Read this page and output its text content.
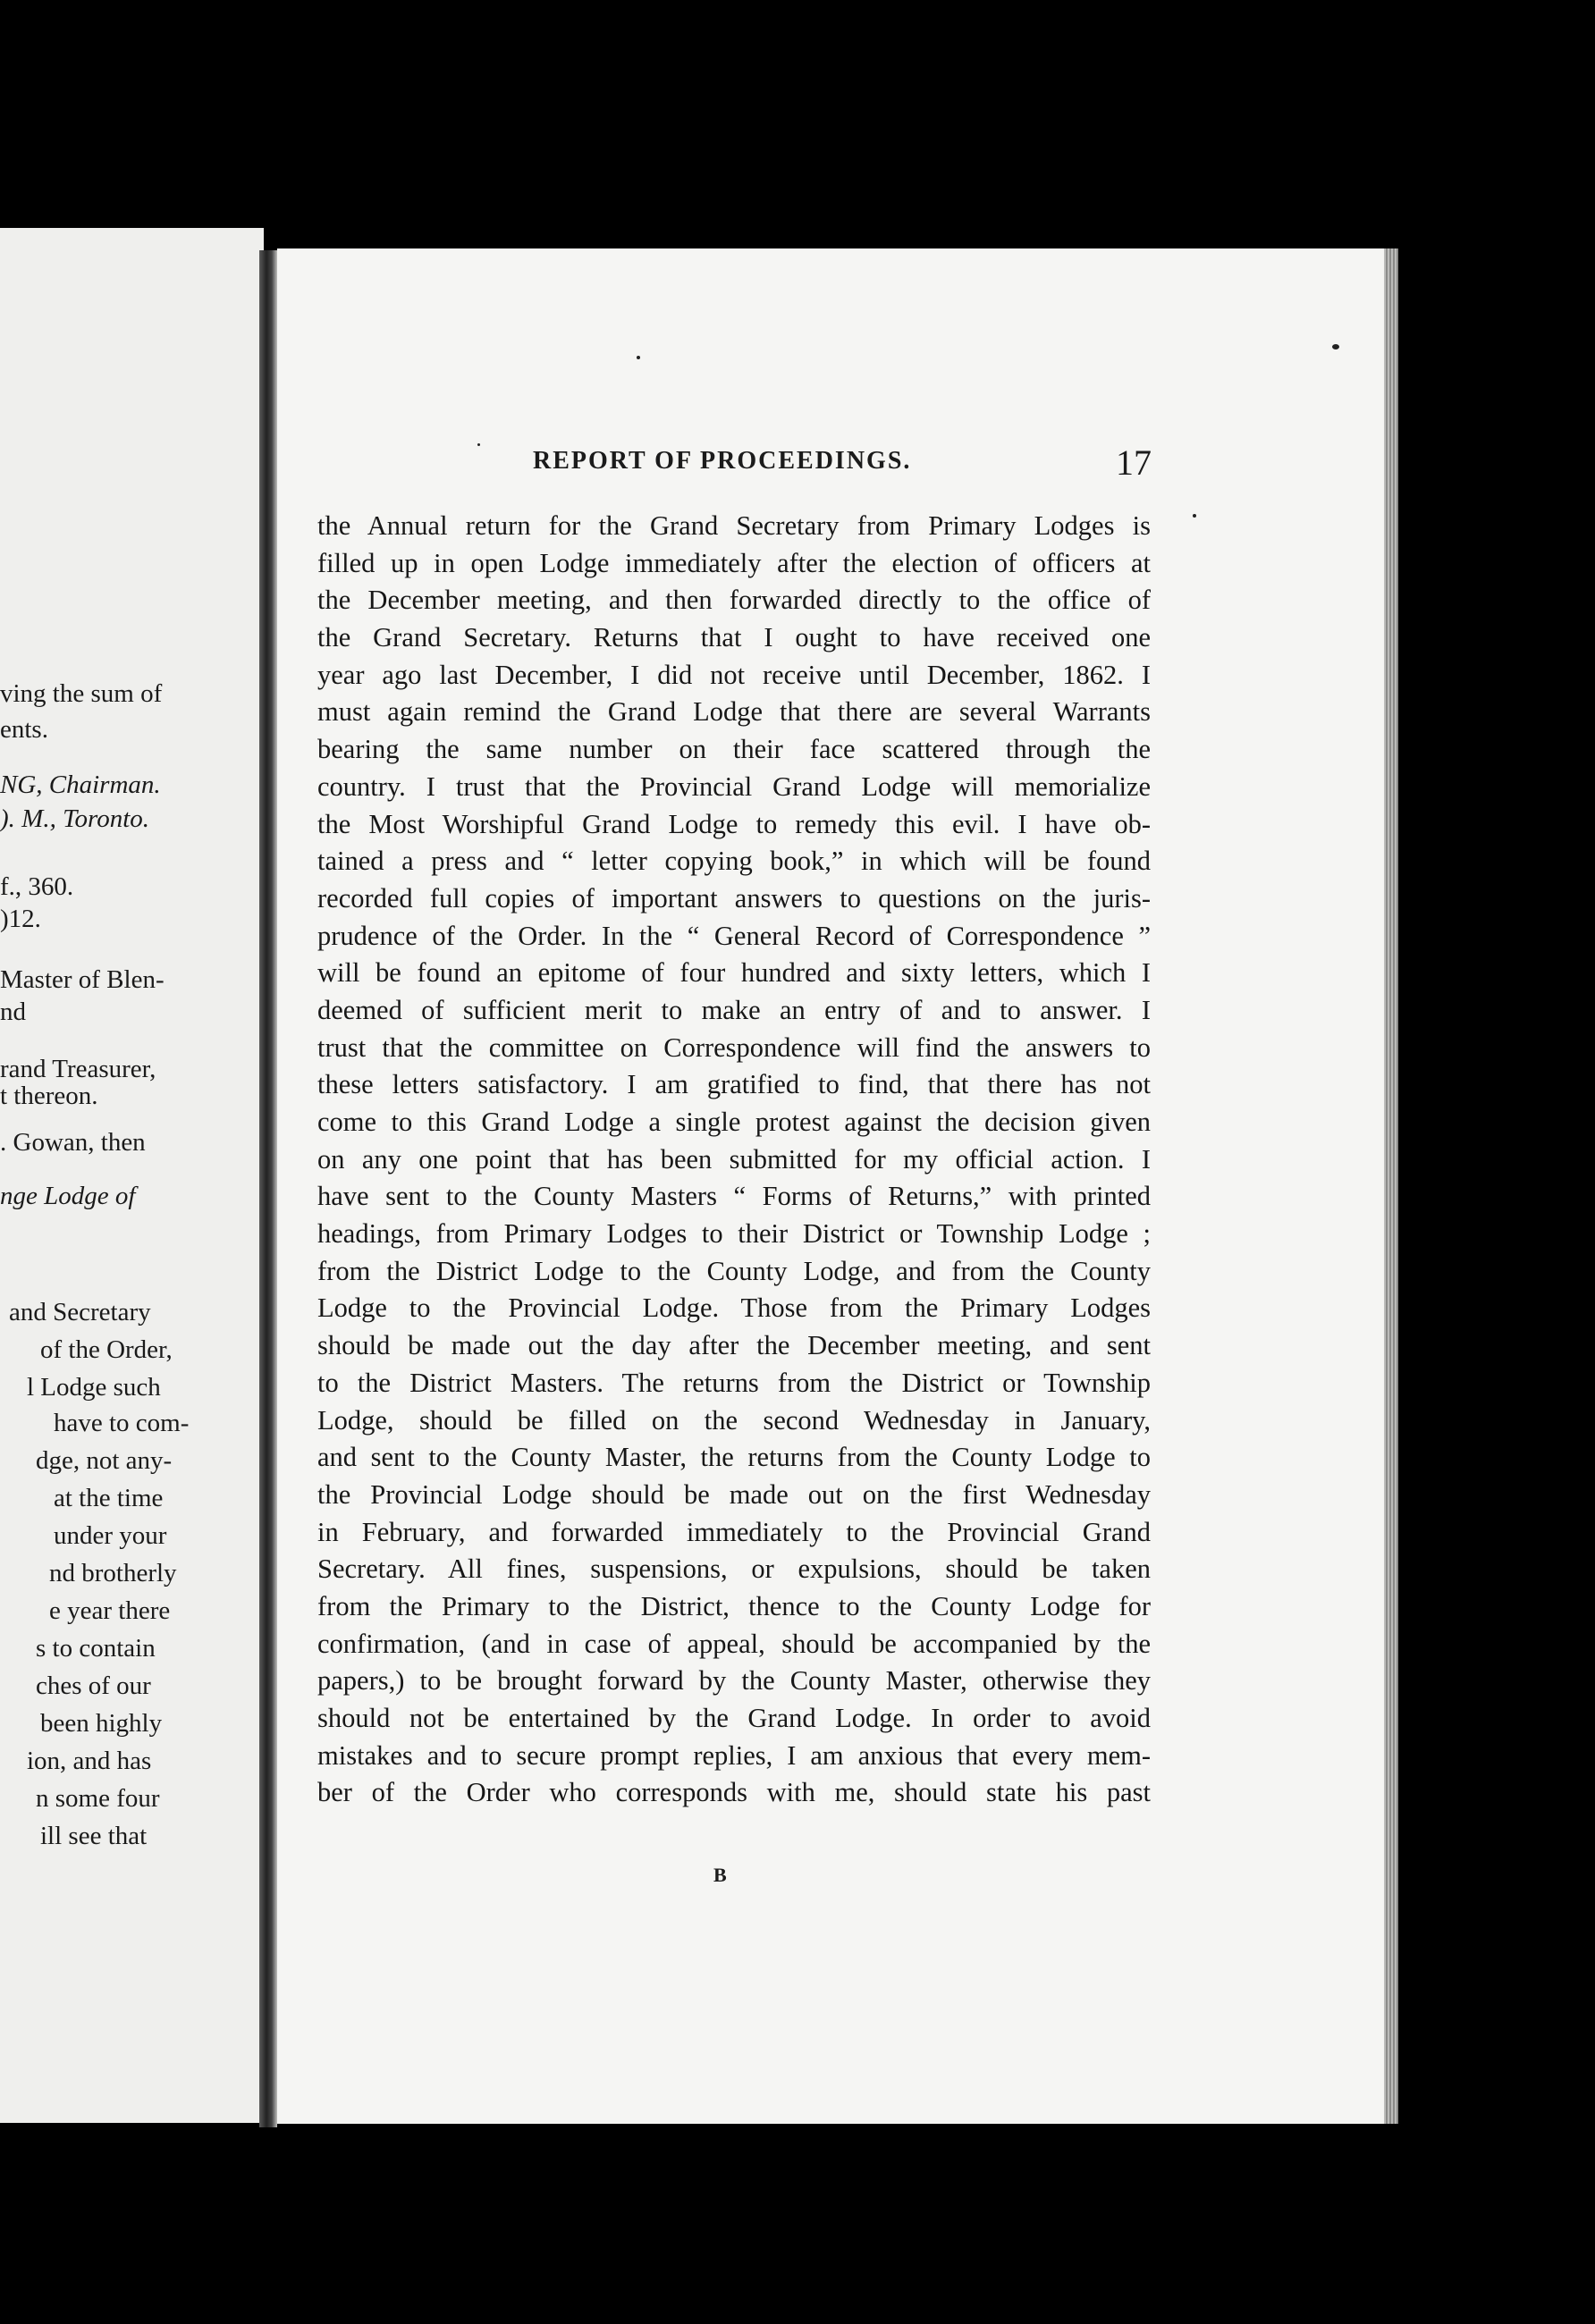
ving the sum of
ents.
NG, Chairman.
). M., Toronto.
f., 360.
)12.
Master of Blen-
nd
rand Treasurer,
t thereon.
. Gowan, then
nge Lodge of
and Secretary
of the Order,
l Lodge such
have to com-
dge, not any-
at the time
under your
nd brotherly
e year there
s to contain
ches of our
been highly
ion, and has
n some four
ill see that
REPORT OF PROCEEDINGS.	17
the Annual return for the Grand Secretary from Primary Lodges is
filled up in open Lodge immediately after the election of officers at
the December meeting, and then forwarded directly to the office of
the Grand Secretary. Returns that I ought to have received one
year ago last December, I did not receive until December, 1862. I
must again remind the Grand Lodge that there are several Warrants
bearing the same number on their face scattered through the
country. I trust that the Provincial Grand Lodge will memorialize
the Most Worshipful Grand Lodge to remedy this evil. I have ob-
tained a press and “ letter copying book,” in which will be found
recorded full copies of important answers to questions on the juris-
prudence of the Order. In the “ General Record of Correspondence ”
will be found an epitome of four hundred and sixty letters, which I
deemed of sufficient merit to make an entry of and to answer. I
trust that the committee on Correspondence will find the answers to
these letters satisfactory. I am gratified to find, that there has not
come to this Grand Lodge a single protest against the decision given
on any one point that has been submitted for my official action. I
have sent to the County Masters “ Forms of Returns,” with printed
headings, from Primary Lodges to their District or Township Lodge ;
from the District Lodge to the County Lodge, and from the County
Lodge to the Provincial Lodge. Those from the Primary Lodges
should be made out the day after the December meeting, and sent
to the District Masters. The returns from the District or Township
Lodge, should be filled on the second Wednesday in January,
and sent to the County Master, the returns from the County Lodge to
the Provincial Lodge should be made out on the first Wednesday
in February, and forwarded immediately to the Provincial Grand
Secretary. All fines, suspensions, or expulsions, should be taken
from the Primary to the District, thence to the County Lodge for
confirmation, (and in case of appeal, should be accompanied by the
papers,) to be brought forward by the County Master, otherwise they
should not be entertained by the Grand Lodge. In order to avoid
mistakes and to secure prompt replies, I am anxious that every mem-
ber of the Order who corresponds with me, should state his past
B
